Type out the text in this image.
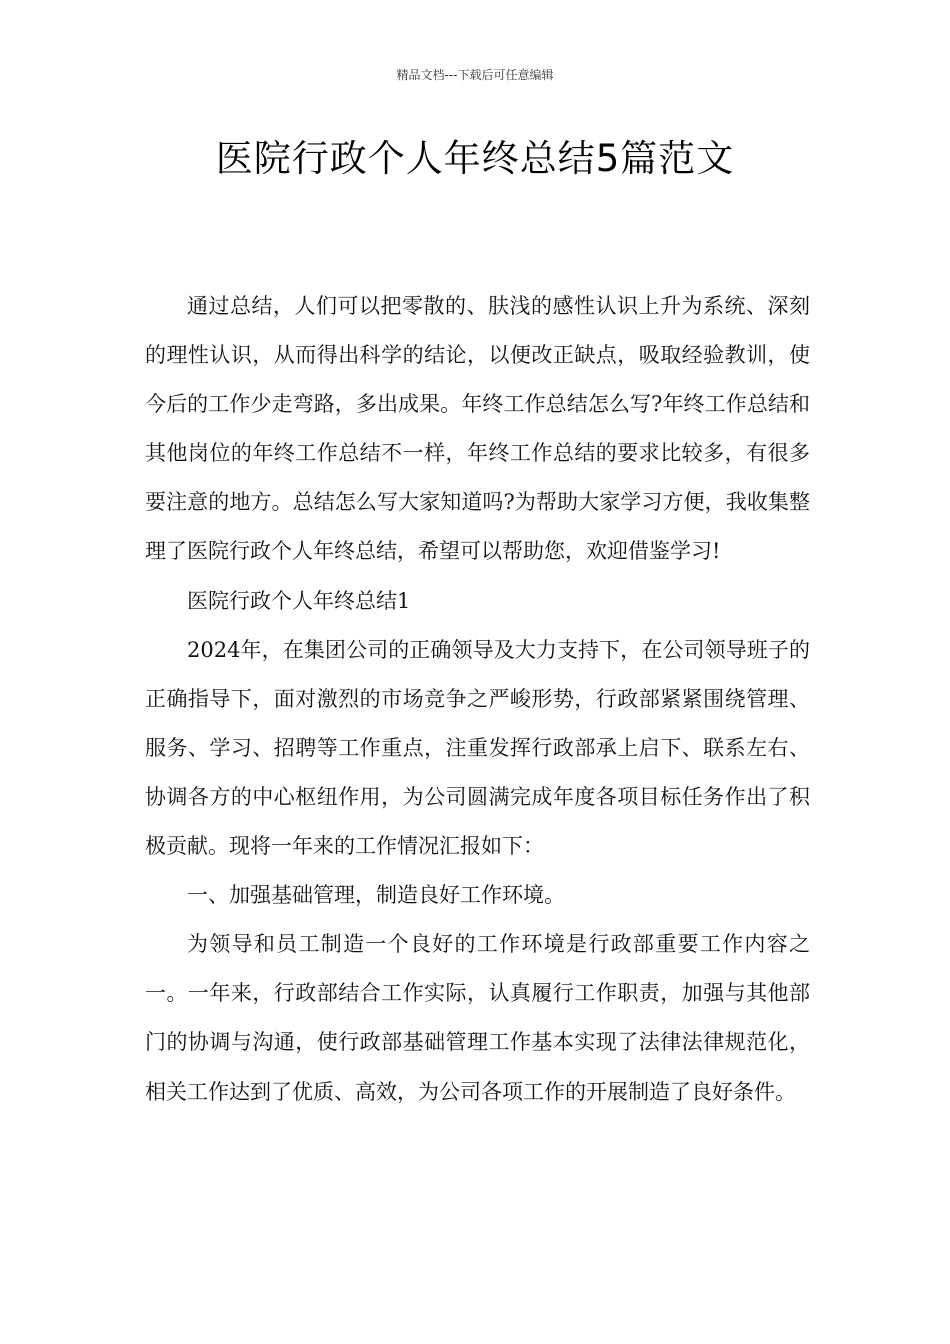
精品文档---下载后可任意编辑
医院行政个人年终总结5篇范文

通过总结，人们可以把零散的、肤浅的感性认识上升为系统、深刻的理性认识，从而得出科学的结论，以便改正缺点，吸取经验教训，使今后的工作少走弯路，多出成果。年终工作总结怎么写?年终工作总结和其他岗位的年终工作总结不一样，年终工作总结的要求比较多，有很多要注意的地方。总结怎么写大家知道吗?为帮助大家学习方便，我收集整理了医院行政个人年终总结，希望可以帮助您，欢迎借鉴学习!

医院行政个人年终总结1

2024年，在集团公司的正确领导及大力支持下，在公司领导班子的正确指导下，面对激烈的市场竞争之严峻形势，行政部紧紧围绕管理、服务、学习、招聘等工作重点，注重发挥行政部承上启下、联系左右、协调各方的中心枢纽作用，为公司圆满完成年度各项目标任务作出了积极贡献。现将一年来的工作情况汇报如下：

一、加强基础管理，制造良好工作环境。

为领导和员工制造一个良好的工作环境是行政部重要工作内容之一。一年来，行政部结合工作实际，认真履行工作职责，加强与其他部门的协调与沟通，使行政部基础管理工作基本实现了法律法律规范化，相关工作达到了优质、高效，为公司各项工作的开展制造了良好条件。
